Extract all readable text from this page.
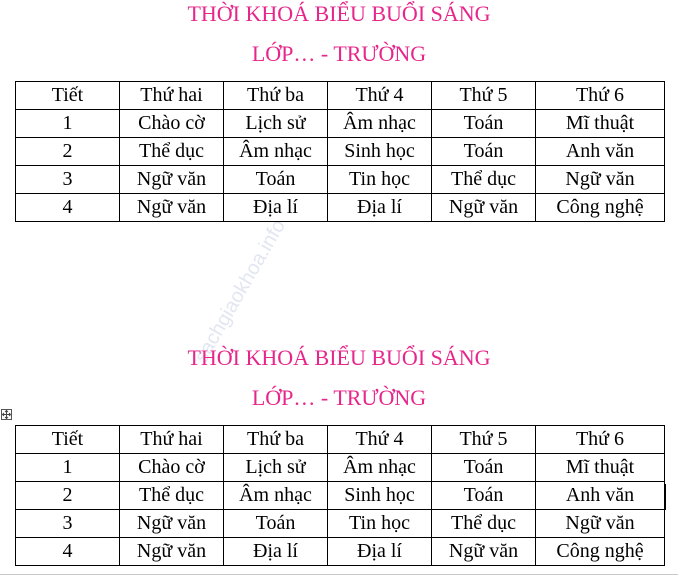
sachgiaokhoa.info
THỜI KHOÁ BIỂU BUỔI SÁNG
LỚP… - TRƯỜNG
Tiết	Thứ hai	Thứ ba	Thứ 4	Thứ 5	Thứ 6
1	Chào cờ	Lịch sử	Âm nhạc	Toán	Mĩ thuật
2	Thể dục	Âm nhạc	Sinh học	Toán	Anh văn
3	Ngữ văn	Toán	Tin học	Thể dục	Ngữ văn
4	Ngữ văn	Địa lí	Địa lí	Ngữ văn	Công nghệ
THỜI KHOÁ BIỂU BUỔI SÁNG
LỚP… - TRƯỜNG
Tiết	Thứ hai	Thứ ba	Thứ 4	Thứ 5	Thứ 6
1	Chào cờ	Lịch sử	Âm nhạc	Toán	Mĩ thuật
2	Thể dục	Âm nhạc	Sinh học	Toán	Anh văn
3	Ngữ văn	Toán	Tin học	Thể dục	Ngữ văn
4	Ngữ văn	Địa lí	Địa lí	Ngữ văn	Công nghệ
